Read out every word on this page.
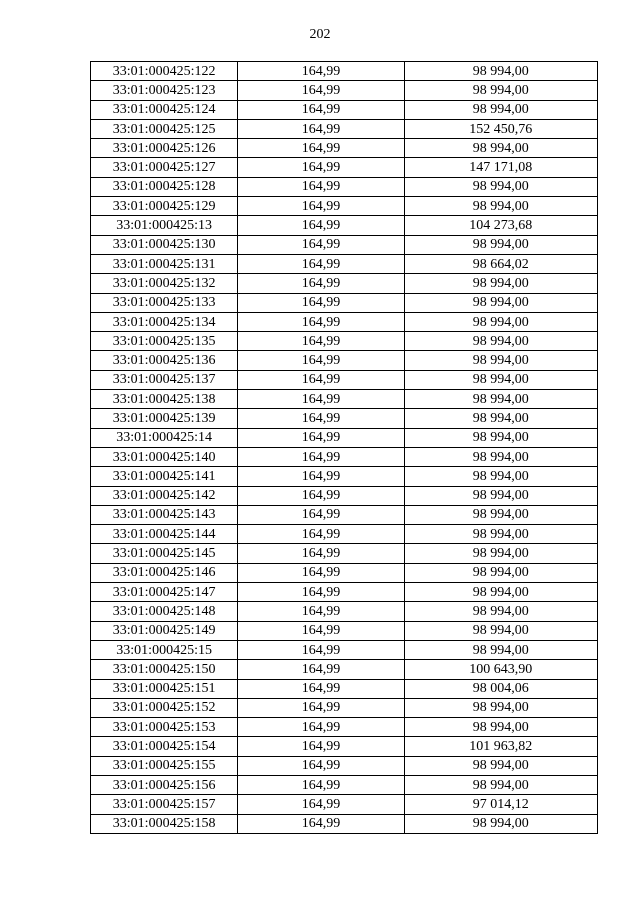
202
33:01:000425:122	164,99	98 994,00
33:01:000425:123	164,99	98 994,00
33:01:000425:124	164,99	98 994,00
33:01:000425:125	164,99	152 450,76
33:01:000425:126	164,99	98 994,00
33:01:000425:127	164,99	147 171,08
33:01:000425:128	164,99	98 994,00
33:01:000425:129	164,99	98 994,00
33:01:000425:13	164,99	104 273,68
33:01:000425:130	164,99	98 994,00
33:01:000425:131	164,99	98 664,02
33:01:000425:132	164,99	98 994,00
33:01:000425:133	164,99	98 994,00
33:01:000425:134	164,99	98 994,00
33:01:000425:135	164,99	98 994,00
33:01:000425:136	164,99	98 994,00
33:01:000425:137	164,99	98 994,00
33:01:000425:138	164,99	98 994,00
33:01:000425:139	164,99	98 994,00
33:01:000425:14	164,99	98 994,00
33:01:000425:140	164,99	98 994,00
33:01:000425:141	164,99	98 994,00
33:01:000425:142	164,99	98 994,00
33:01:000425:143	164,99	98 994,00
33:01:000425:144	164,99	98 994,00
33:01:000425:145	164,99	98 994,00
33:01:000425:146	164,99	98 994,00
33:01:000425:147	164,99	98 994,00
33:01:000425:148	164,99	98 994,00
33:01:000425:149	164,99	98 994,00
33:01:000425:15	164,99	98 994,00
33:01:000425:150	164,99	100 643,90
33:01:000425:151	164,99	98 004,06
33:01:000425:152	164,99	98 994,00
33:01:000425:153	164,99	98 994,00
33:01:000425:154	164,99	101 963,82
33:01:000425:155	164,99	98 994,00
33:01:000425:156	164,99	98 994,00
33:01:000425:157	164,99	97 014,12
33:01:000425:158	164,99	98 994,00
